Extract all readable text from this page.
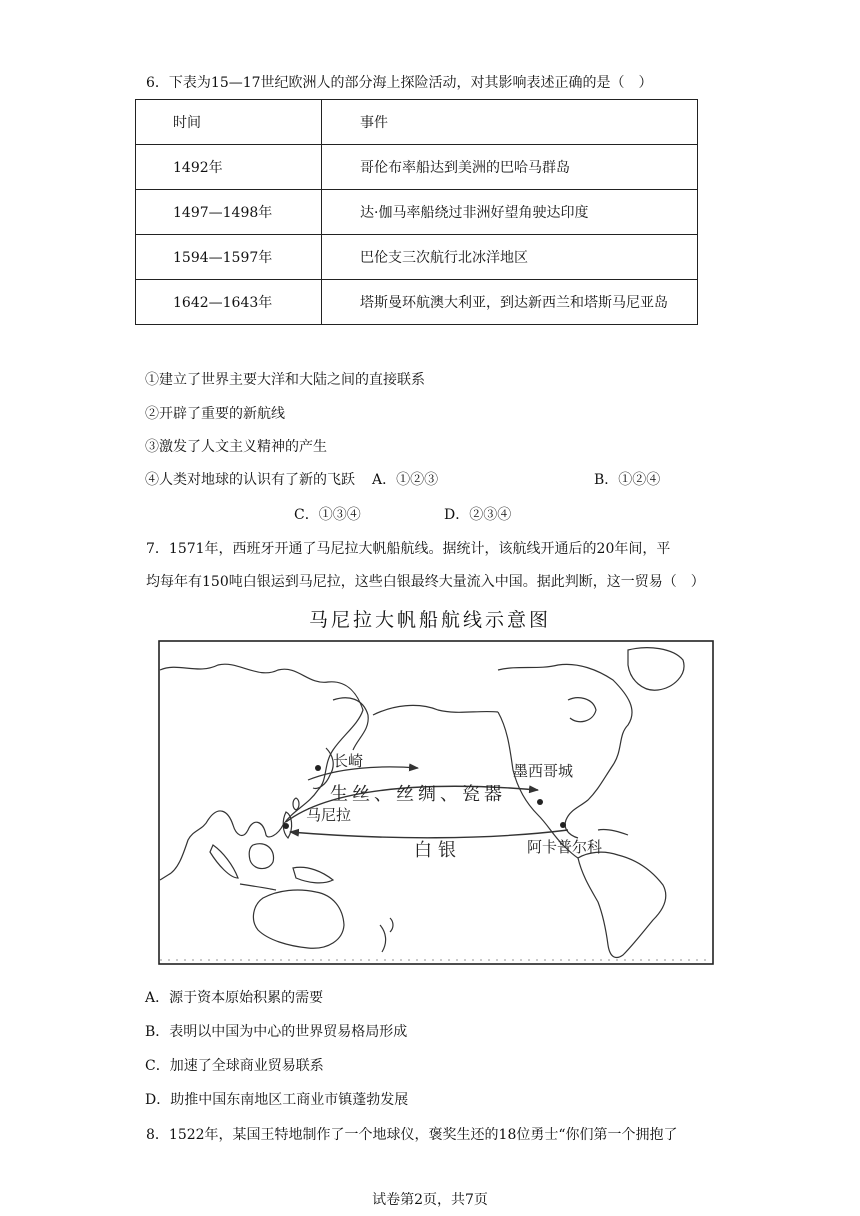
6．下表为15—17世纪欧洲人的部分海上探险活动，对其影响表述正确的是（　）
时间	事件
1492年	哥伦布率船达到美洲的巴哈马群岛
1497—1498年	达·伽马率船绕过非洲好望角驶达印度
1594—1597年	巴伦支三次航行北冰洋地区
1642—1643年	塔斯曼环航澳大利亚，到达新西兰和塔斯马尼亚岛
①建立了世界主要大洋和大陆之间的直接联系
②开辟了重要的新航线
③激发了人文主义精神的产生
④人类对地球的认识有了新的飞跃 A．①②③	B．①②④
C．①③④	D．②③④
7．1571年，西班牙开通了马尼拉大帆船航线。据统计，该航线开通后的20年间，平
均每年有150吨白银运到马尼拉，这些白银最终大量流入中国。据此判断，这一贸易（　）
马尼拉大帆船航线示意图
长崎
马尼拉
墨西哥城
阿卡普尔科
生丝、丝绸、瓷器
白银
A．源于资本原始积累的需要
B．表明以中国为中心的世界贸易格局形成
C．加速了全球商业贸易联系
D．助推中国东南地区工商业市镇蓬勃发展
8．1522年，某国王特地制作了一个地球仪，褒奖生还的18位勇士“你们第一个拥抱了
试卷第2页，共7页
